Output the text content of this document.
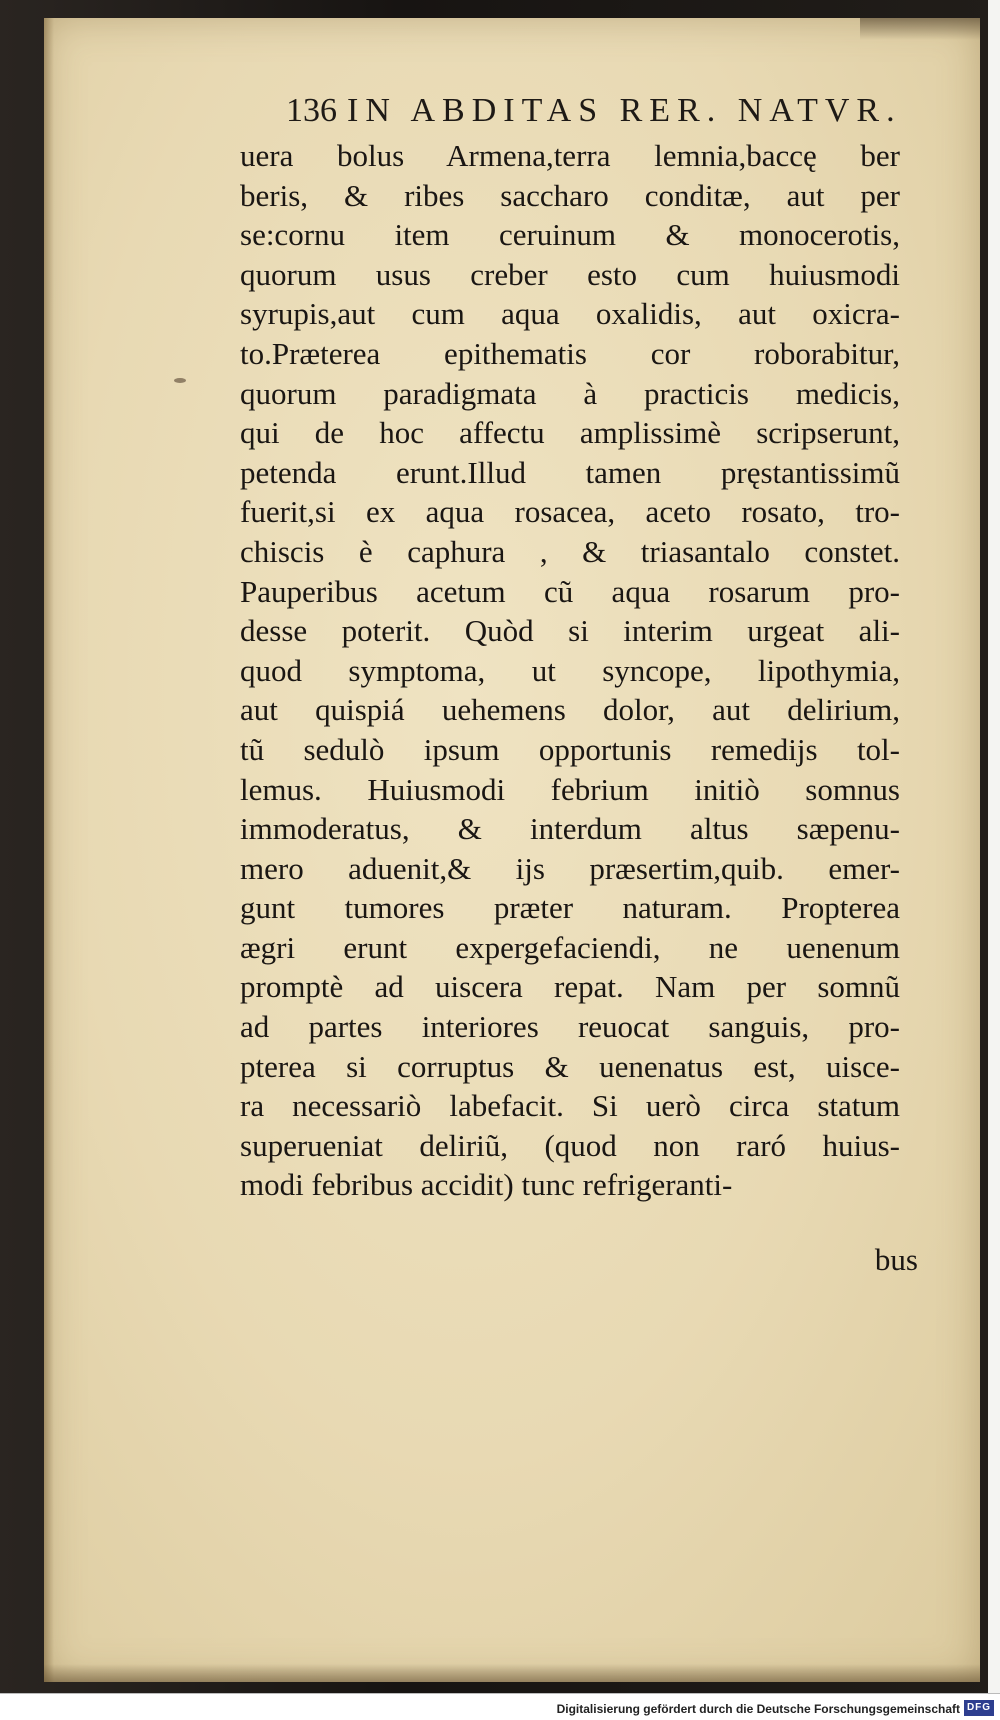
136 IN ABDITAS RER. NATVR.
uera bolus Armena,terra lemnia,baccę ber
beris, & ribes saccharo conditæ, aut per
se:cornu item ceruinum & monocerotis,
quorum usus creber esto cum huiusmodi
syrupis,aut cum aqua oxalidis, aut oxicra-
to.Præterea epithematis cor roborabitur,
quorum paradigmata à practicis medicis,
qui de hoc affectu amplissimè scripserunt,
petenda erunt.Illud tamen pręstantissimũ
fuerit,si ex aqua rosacea, aceto rosato, tro-
chiscis è caphura , & triasantalo constet.
Pauperibus acetum cũ aqua rosarum pro-
desse poterit. Quòd si interim urgeat ali-
quod symptoma, ut syncope, lipothymia,
aut quispiá uehemens dolor, aut delirium,
tũ sedulò ipsum opportunis remedijs tol-
lemus. Huiusmodi febrium initiò somnus
immoderatus, & interdum altus sæpenu-
mero aduenit,& ijs præsertim,quib. emer-
gunt tumores præter naturam. Propterea
ægri erunt expergefaciendi, ne uenenum
promptè ad uiscera repat. Nam per somnũ
ad partes interiores reuocat sanguis, pro-
pterea si corruptus & uenenatus est, uisce-
ra necessariò labefacit. Si uerò circa statum
superueniat deliriũ, (quod non raró huius-
modi febribus accidit) tunc refrigeranti-
bus
Digitalisierung gefördert durch die Deutsche Forschungsgemeinschaft DFG
